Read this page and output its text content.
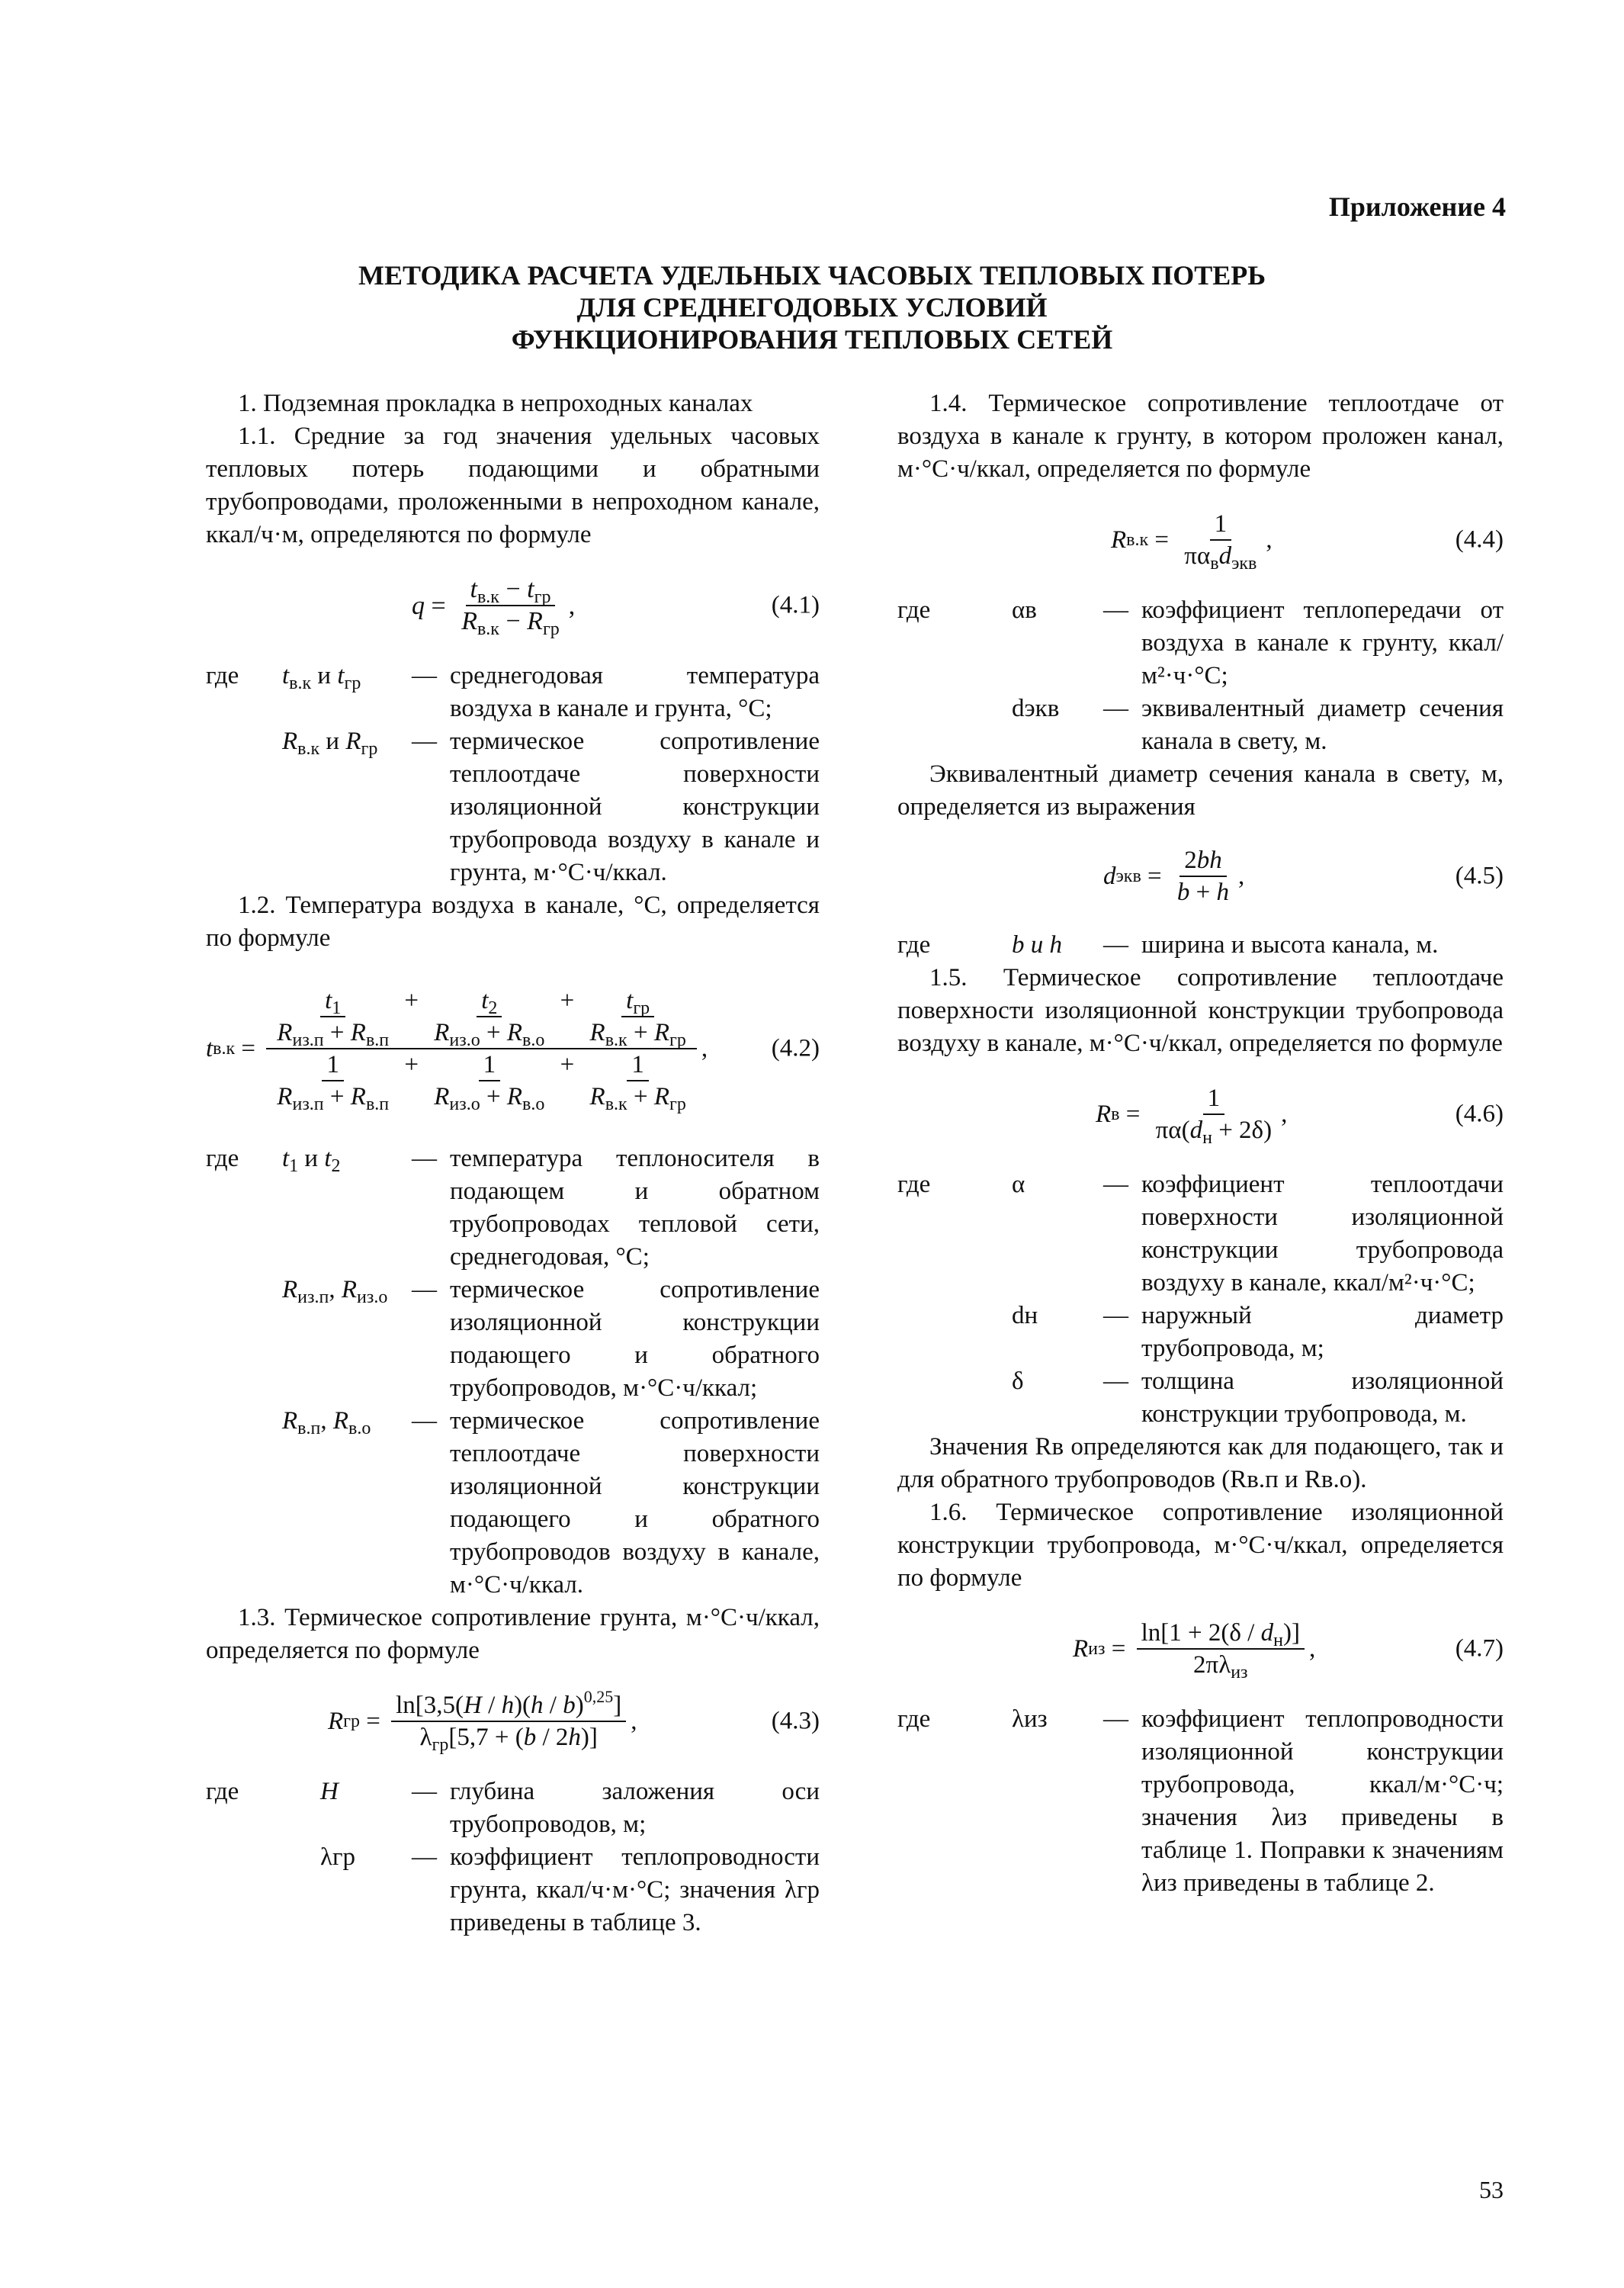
Приложение 4
МЕТОДИКА РАСЧЕТА УДЕЛЬНЫХ ЧАСОВЫХ ТЕПЛОВЫХ ПОТЕРЬ
ДЛЯ СРЕДНЕГОДОВЫХ УСЛОВИЙ
ФУНКЦИОНИРОВАНИЯ ТЕПЛОВЫХ СЕТЕЙ

1. Подземная прокладка в непроходных каналах

1.1. Средние за год значения удельных часовых тепловых потерь подающими и обратными трубопроводами, проложенными в непроходном канале, ккал/ч·м, определяются по формуле

$q = \frac{t_{в.к} - t_{гр}}{R_{в.к} - R_{гр}}$ ,	(4.1)
где	$t_{в.к}$ и $t_{гр}$	— среднегодовая температура воздуха в канале и грунта, °С;
$R_{в.к}$ и $R_{гр}$	— термическое сопротивление теплоотдаче поверхности изоляционной конструкции трубопровода воздуху в канале и грунта, м·°С·ч/ккал.

1.2. Температура воздуха в канале, °С, определяется по формуле

t в.к =
$\frac{t_1}{R_{из.п} + R_{в.п}} + \frac{t_2}{R_{из.о} + R_{в.о}} + \frac{t_{гр}}{R_{в.к} + R_{гр}}$
$\frac{1}{R_{из.п} + R_{в.п}} + \frac{1}{R_{из.о} + R_{в.о}} + \frac{1}{R_{в.к} + R_{гр}}$
,	(4.2)
где	$t_1$ и $t_2$	— температура теплоносителя в подающем и обратном трубопроводах тепловой сети, среднегодовая, °С;
$R_{из.п}$, $R_{из.о}$ — термическое сопротивление изоляционной конструкции подающего и обратного трубопроводов, м·°С·ч/ккал;
$R_{в.п}$, $R_{в.о}$	— термическое сопротивление теплоотдаче поверхности изоляционной конструкции подающего и обратного трубопроводов воздуху в канале, м·°С·ч/ккал.

1.3. Термическое сопротивление грунта, м·°С·ч/ккал, определяется по формуле

R гр = $\frac{\ln[3,5(H / h)(h / b)^{0,25}]}{\lambda_{гр}[5,7 + (b / 2h)]}$ ,	(4.3)
где	H	— глубина заложения оси трубопроводов, м;
λгр	— коэффициент теплопроводности грунта, ккал/ч·м·°С; значения λгр приведены в таблице 3.

1.4. Термическое сопротивление теплоотдаче от воздуха в канале к грунту, в котором проложен канал, м·°С·ч/ккал, определяется по формуле

R $в.к = \frac{1}{\pi\alpha_вd_{экв}}$ ,	(4.4)
где	αв	— коэффициент теплопередачи от воздуха в канале к грунту, ккал/м²·ч·°С;
dэкв	— эквивалентный диаметр сечения канала в свету, м.

Эквивалентный диаметр сечения канала в свету, м, определяется из выражения

d экв = $\frac{2bh}{b + h}$ ,	(4.5)
где	b и h	— ширина и высота канала, м.

1.5. Термическое сопротивление теплоотдаче поверхности изоляционной конструкции трубопровода воздуху в канале, м·°С·ч/ккал, определяется по формуле

R $в = \frac{1}{\pi\alpha(d_н + 2\delta)}$ ,	(4.6)
где	α	— коэффициент теплоотдачи поверхности изоляционной конструкции трубопровода воздуху в канале, ккал/м²·ч·°С;
dн	— наружный диаметр трубопровода, м;
δ	— толщина изоляционной конструкции трубопровода, м.

Значения Rв определяются как для подающего, так и для обратного трубопроводов (Rв.п и Rв.о).

1.6. Термическое сопротивление изоляционной конструкции трубопровода, м·°С·ч/ккал, определяется по формуле

R из = $\frac{\ln[1 + 2(\delta / d_н)]}{2\pi\lambda_{из}}$ ,	(4.7)
где	λиз	— коэффициент теплопроводности изоляционной конструкции трубопровода, ккал/м·°С·ч; значения λиз приведены в таблице 1. Поправки к значениям λиз приведены в таблице 2.
53
